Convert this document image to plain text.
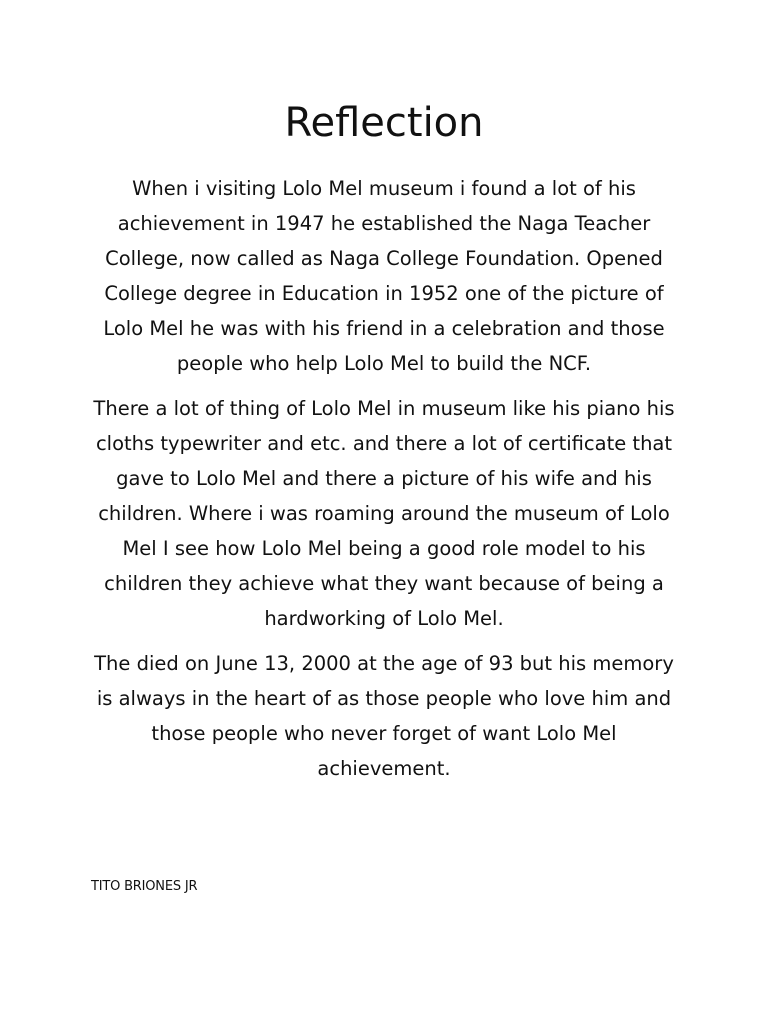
Reflection

When i visiting Lolo Mel museum i found a lot of his achievement in 1947 he established the Naga Teacher College, now called as Naga College Foundation. Opened College degree in Education in 1952 one of the picture of Lolo Mel he was with his friend in a celebration and those people who help Lolo Mel to build the NCF.

There a lot of thing of Lolo Mel in museum like his piano his cloths typewriter and etc. and there a lot of certificate that gave to Lolo Mel and there a picture of his wife and his children. Where i was roaming around the museum of Lolo Mel I see how Lolo Mel being a good role model to his children they achieve what they want because of being a hardworking of Lolo Mel.

The died on June 13, 2000 at the age of 93 but his memory is always in the heart of as those people who love him and those people who never forget of want Lolo Mel achievement.

TITO BRIONES JR
